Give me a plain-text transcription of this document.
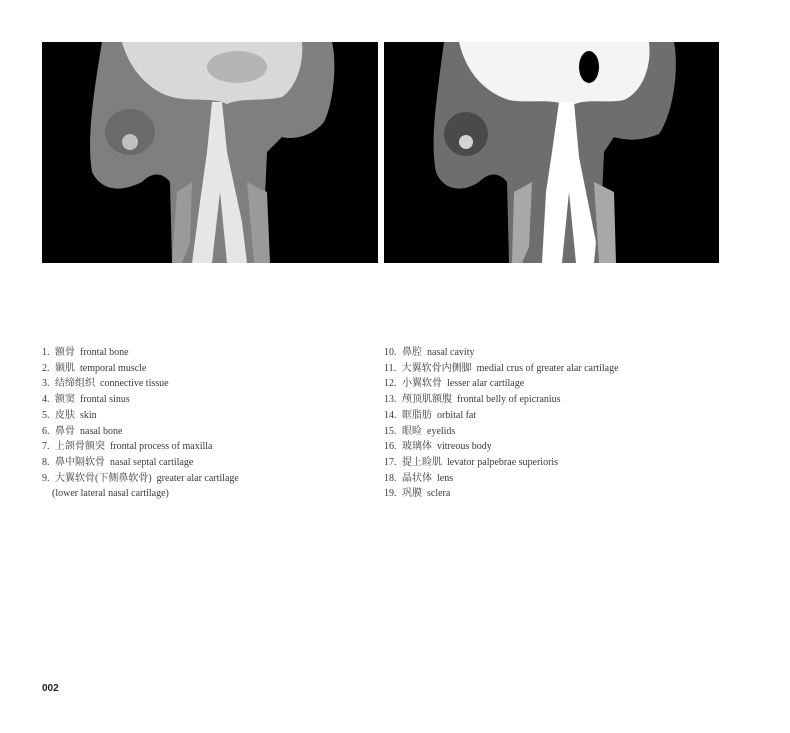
1. 额骨 frontal bone
2. 颞肌 temporal muscle
3. 结缔组织 connective tissue
4. 额窦 frontal sinus
5. 皮肤 skin
6. 鼻骨 nasal bone
7. 上颌骨额突 frontal process of maxilla
8. 鼻中隔软骨 nasal septal cartilage
9. 大翼软骨(下侧鼻软骨) greater alar cartilage
(lower lateral nasal cartilage)
10. 鼻腔 nasal cavity
11. 大翼软骨内侧脚 medial crus of greater alar cartilage
12. 小翼软骨 lesser alar cartilage
13. 颅顶肌额腹 frontal belly of epicranius
14. 眶脂肪 orbital fat
15. 眼睑 eyelids
16. 玻璃体 vitreous body
17. 提上睑肌 levator palpebrae superioris
18. 晶状体 lens
19. 巩膜 sclera
002
